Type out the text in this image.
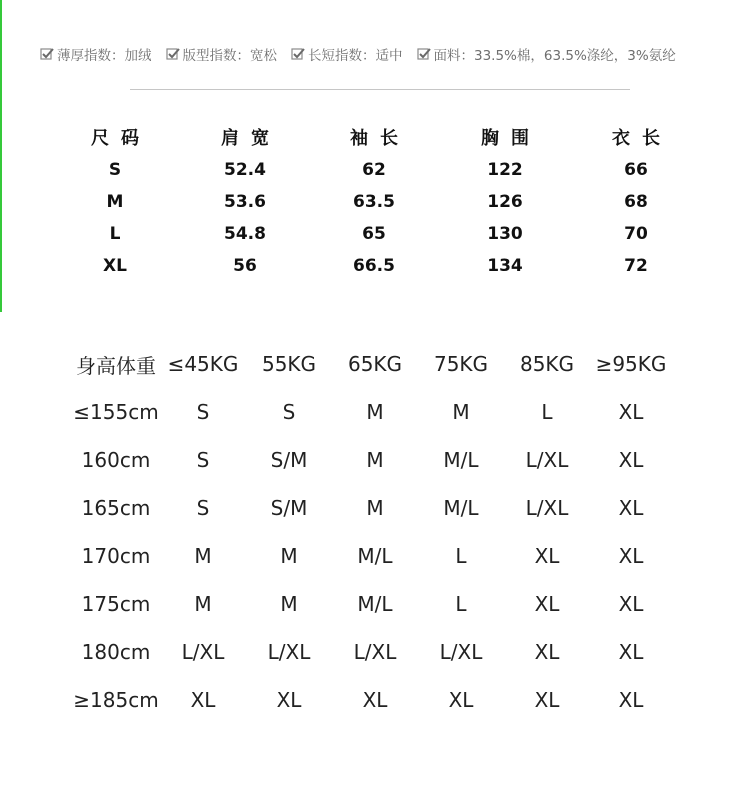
薄厚指数：加绒 版型指数：宽松 长短指数：适中 面料：33.5%棉，63.5%涤纶，3%氨纶
尺码	肩宽	袖长	胸围	衣长
S	52.4	62	122	66
M	53.6	63.5	126	68
L	54.8	65	130	70
XL	56	66.5	134	72
身高体重 ≤45KG	55KG	65KG	75KG	85KG	≥95KG
≤155cm	S	S	M	M	L	XL
160cm	S	S/M	M	M/L	L/XL	XL
165cm	S	S/M	M	M/L	L/XL	XL
170cm	M	M	M/L	L	XL	XL
175cm	M	M	M/L	L	XL	XL
180cm	L/XL	L/XL	L/XL	L/XL	XL	XL
≥185cm	XL	XL	XL	XL	XL	XL
